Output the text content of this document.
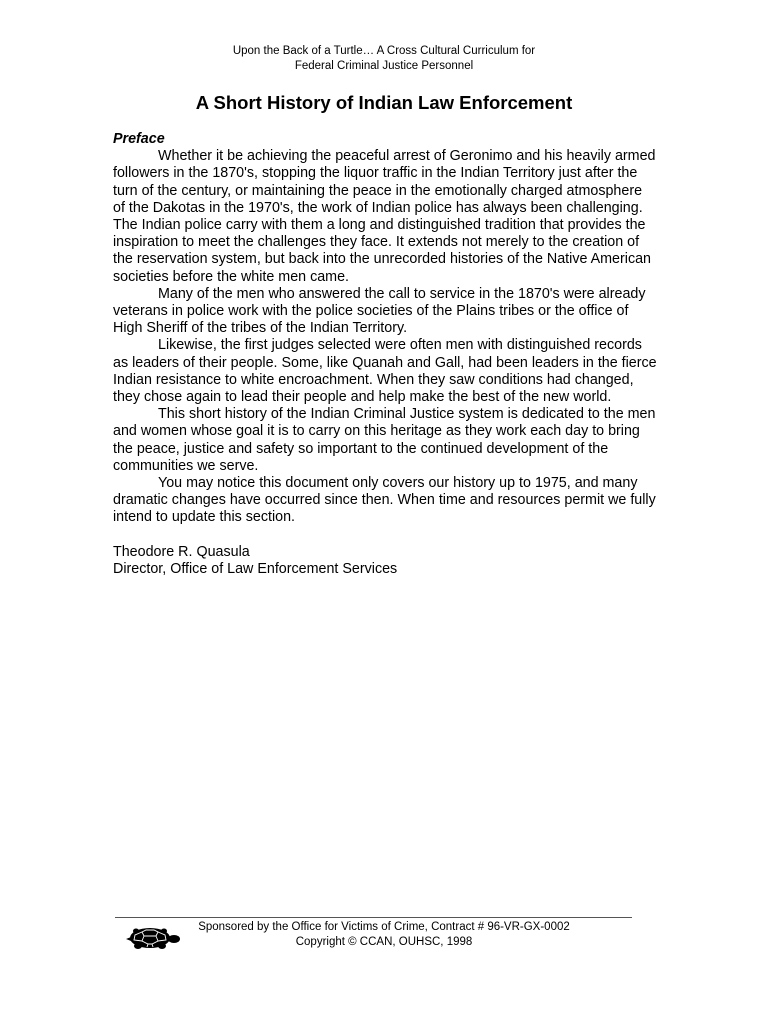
Upon the Back of a Turtle… A Cross Cultural Curriculum for
Federal Criminal Justice Personnel
A Short History of Indian Law Enforcement
Preface

Whether it be achieving the peaceful arrest of Geronimo and his heavily armed followers in the 1870's, stopping the liquor traffic in the Indian Territory just after the turn of the century, or maintaining the peace in the emotionally charged atmosphere of the Dakotas in the 1970's, the work of Indian police has always been challenging. The Indian police carry with them a long and distinguished tradition that provides the inspiration to meet the challenges they face. It extends not merely to the creation of the reservation system, but back into the unrecorded histories of the Native American societies before the white men came.

Many of the men who answered the call to service in the 1870's were already veterans in police work with the police societies of the Plains tribes or the office of High Sheriff of the tribes of the Indian Territory.

Likewise, the first judges selected were often men with distinguished records as leaders of their people. Some, like Quanah and Gall, had been leaders in the fierce Indian resistance to white encroachment. When they saw conditions had changed, they chose again to lead their people and help make the best of the new world.

This short history of the Indian Criminal Justice system is dedicated to the men and women whose goal it is to carry on this heritage as they work each day to bring the peace, justice and safety so important to the continued development of the communities we serve.

You may notice this document only covers our history up to 1975, and many dramatic changes have occurred since then. When time and resources permit we fully intend to update this section.

Theodore R. Quasula
Director, Office of Law Enforcement Services
Sponsored by the Office for Victims of Crime, Contract # 96-VR-GX-0002
Copyright © CCAN, OUHSC, 1998
